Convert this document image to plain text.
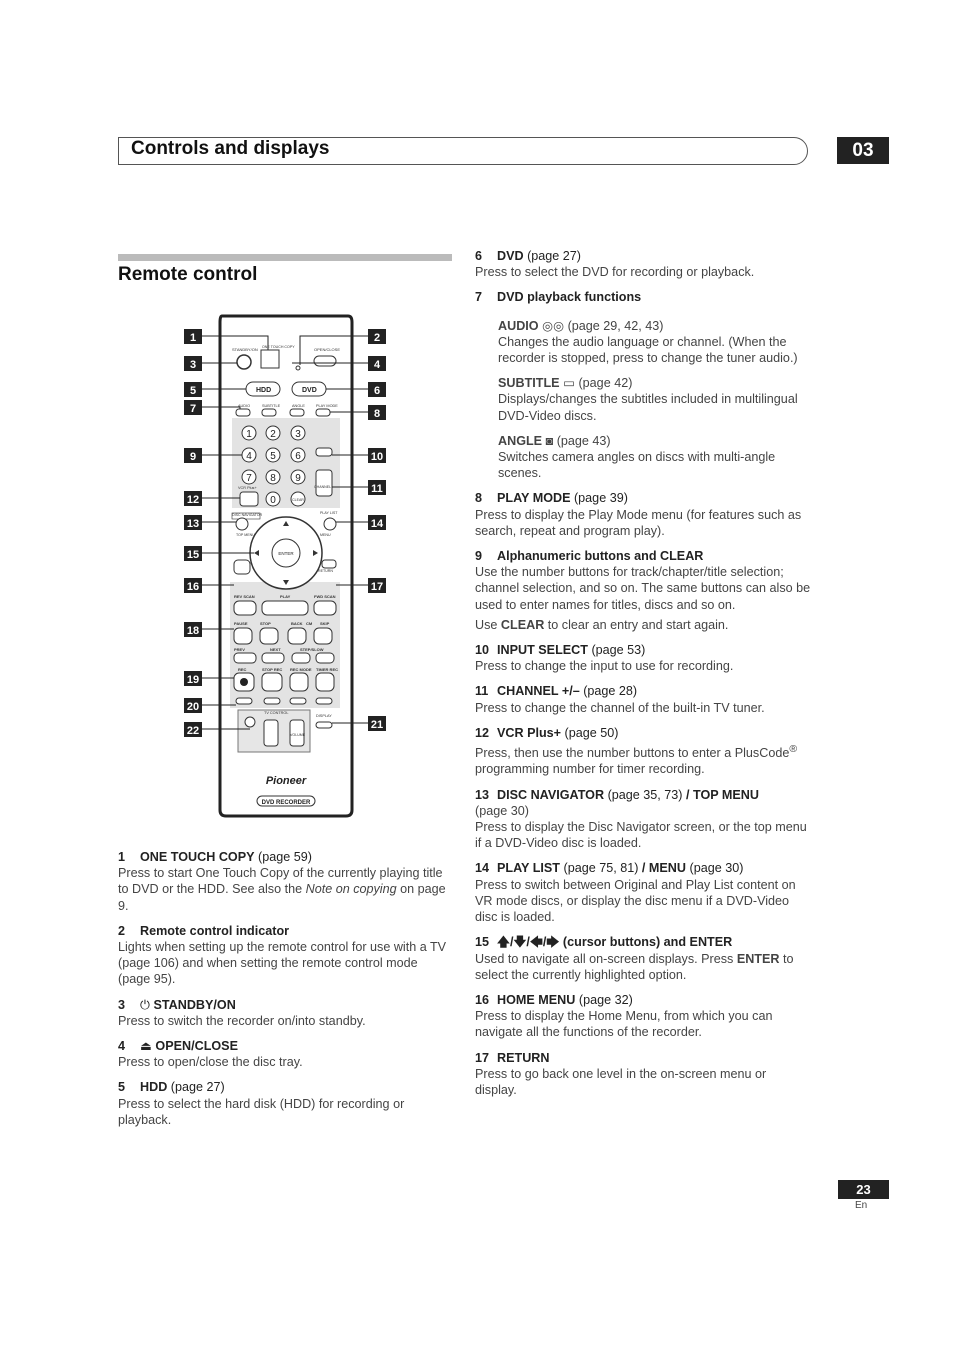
Controls and displays	03
Remote control
STANDBY/ON ONE TOUCH COPY	OPEN/CLOSE
HDD	DVD
AUDIO	SUBTITLE	ANGLE	PLAY MODE
1 2 3
4 5 6
7 8 9
0
VCR Plus+
CLEAR
CHANNEL
DISC NAVIGATOR
TOP MENU
PLAY LIST
MENU
ENTER
RETURN
REV SCAN	PLAY	FWD SCAN
PAUSE	STOP	BACK CM SKIP
PREV	NEXT	STEP/SLOW
REC	STOP REC REC MODE TIMER REC
TV CONTROL
DISPLAY
VOLUME
Pioneer
DVD RECORDER
1	2
3	4
5	6
7	8
9	10
11
12
13	14
15
16	17
18
19
20
21
22
1 ONE TOUCH COPY (page 59)
Press to start One Touch Copy of the currently playing title to DVD or the HDD. See also the Note on copying on page 9.
2 Remote control indicator
Lights when setting up the remote control for use with a TV (page 106) and when setting the remote control mode (page 95).
3 ⏻ STANDBY/ON
Press to switch the recorder on/into standby.
4 ⏏ OPEN/CLOSE
Press to open/close the disc tray.
5 HDD (page 27)
Press to select the hard disk (HDD) for recording or playback.
6 DVD (page 27)
Press to select the DVD for recording or playback.
7 DVD playback functions
AUDIO ◎◎ (page 29, 42, 43)
Changes the audio language or channel. (When the recorder is stopped, press to change the tuner audio.)
SUBTITLE ▭ (page 42)
Displays/changes the subtitles included in multilingual DVD-Video discs.
ANGLE ◙ (page 43)
Switches camera angles on discs with multi-angle scenes.
8 PLAY MODE (page 39)
Press to display the Play Mode menu (for features such as search, repeat and program play).
9 Alphanumeric buttons and CLEAR
Use the number buttons for track/chapter/title selection; channel selection, and so on. The same buttons can also be used to enter names for titles, discs and so on.
Use CLEAR to clear an entry and start again.
10 INPUT SELECT (page 53)
Press to change the input to use for recording.
11 CHANNEL +/– (page 28)
Press to change the channel of the built-in TV tuner.
12 VCR Plus+ (page 50)
Press, then use the number buttons to enter a PlusCode® programming number for timer recording.
13 DISC NAVIGATOR (page 35, 73) / TOP MENU
(page 30)
Press to display the Disc Navigator screen, or the top menu if a DVD-Video disc is loaded.
14 PLAY LIST (page 75, 81) / MENU (page 30)
Press to switch between Original and Play List content on VR mode discs, or display the disc menu if a DVD-Video disc is loaded.
15 🡅/🡇/🡄/🡆 (cursor buttons) and ENTER
Used to navigate all on-screen displays. Press ENTER to select the currently highlighted option.
16 HOME MENU (page 32)
Press to display the Home Menu, from which you can navigate all the functions of the recorder.
17 RETURN
Press to go back one level in the on-screen menu or display.
23
En
